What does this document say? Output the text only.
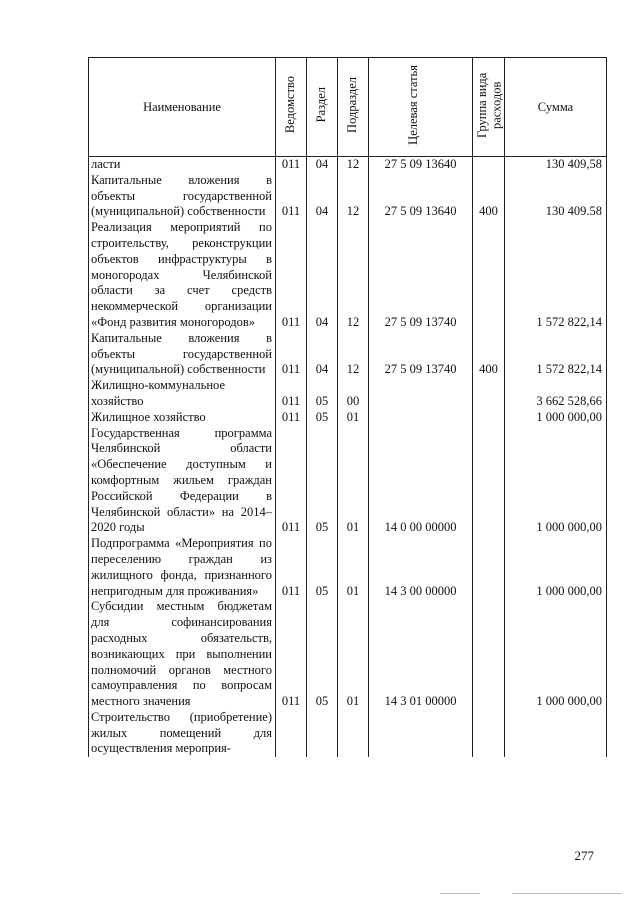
Наименование	Ведомство	Раздел	Подраздел	Целевая статья	Группа вида расходов	Сумма
ласти	011	04	12	27 5 09 13640		130 409,58
Капитальные вложения в объекты государственной (муниципальной) собственности	011	04	12	27 5 09 13640	400	130 409.58
Реализация мероприятий по строительству, реконструкции объектов инфраструктуры в моногородах Челябинской области за счет средств некоммерческой организации «Фонд развития моногородов»	011	04	12	27 5 09 13740		1 572 822,14
Капитальные вложения в объекты государственной (муниципальной) собственности	011	04	12	27 5 09 13740	400	1 572 822,14
Жилищно-коммунальное хозяйство	011	05	00			3 662 528,66
Жилищное хозяйство	011	05	01			1 000 000,00
Государственная программа Челябинской области «Обеспечение доступным и комфортным жильем граждан Российской Федерации в Челябинской области» на 2014–2020 годы	011	05	01	14 0 00 00000		1 000 000,00
Подпрограмма «Мероприятия по переселению граждан из жилищного фонда, признанного непригодным для проживания»	011	05	01	14 3 00 00000		1 000 000,00
Субсидии местным бюджетам для софинансирования расходных обязательств, возникающих при выполнении полномочий органов местного самоуправления по вопросам местного значения	011	05	01	14 3 01 00000		1 000 000,00
Строительство (приобретение) жилых помещений для осуществления мероприя-						
277
